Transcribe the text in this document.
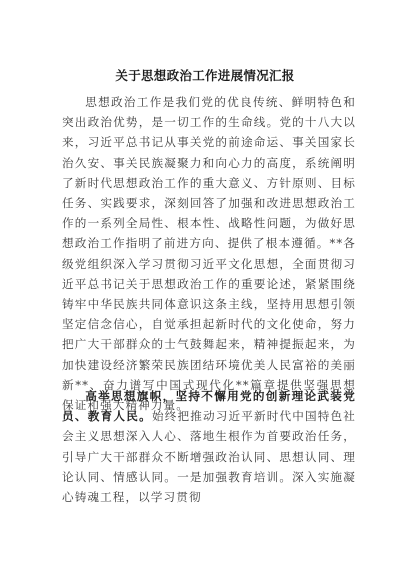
关于思想政治工作进展情况汇报

思想政治工作是我们党的优良传统、鲜明特色和突出政治优势，是一切工作的生命线。党的十八大以来，习近平总书记从事关党的前途命运、事关国家长治久安、事关民族凝聚力和向心力的高度，系统阐明了新时代思想政治工作的重大意义、方针原则、目标任务、实践要求，深刻回答了加强和改进思想政治工作的一系列全局性、根本性、战略性问题，为做好思想政治工作指明了前进方向、提供了根本遵循。**各级党组织深入学习贯彻习近平文化思想，全面贯彻习近平总书记关于思想政治工作的重要论述，紧紧围绕铸牢中华民族共同体意识这条主线，坚持用思想引领坚定信念信心，自觉承担起新时代的文化使命，努力把广大干部群众的士气鼓舞起来，精神提振起来，为加快建设经济繁荣民族团结环境优美人民富裕的美丽新**、奋力谱写中国式现代化**篇章提供坚强思想保证和强大精神力量。

高举思想旗帜，坚持不懈用党的创新理论武装党员、教育人民。始终把推动习近平新时代中国特色社会主义思想深入人心、落地生根作为首要政治任务，引导广大干部群众不断增强政治认同、思想认同、理论认同、情感认同。一是加强教育培训。深入实施凝心铸魂工程，以学习贯彻
